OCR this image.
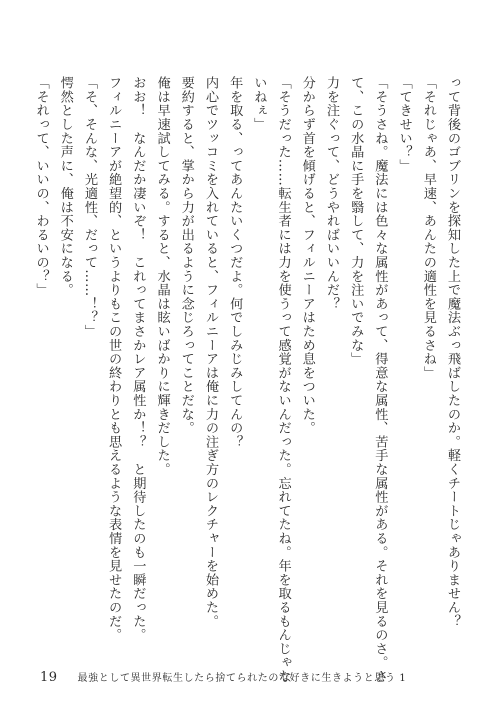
って背後のゴブリンを探知した上で魔法ぶっ飛ばしたのか。軽くチートじゃありません？
「それじゃあ、早速、あんたの適性を見るさね」
「てきせい？」
「そうさね。魔法には色々な属性があって、得意な属性、苦手な属性がある。それを見るのさ。さ
て、この水晶に手を翳して、力を注いでみな」
力を注ぐって、どうやればいいんだ？
分からず首を傾げると、フィルニーアはため息をついた。
「そうだった……転生者には力を使うって感覚がないんだった。忘れてたね。年を取るもんじゃな
いねぇ」
年を取る、ってあんたいくつだよ。何でしみじみしてんの？
内心でツッコミを入れていると、フィルニーアは俺に力の注ぎ方のレクチャーを始めた。
要約すると、掌から力が出るように念じろってことだな。
俺は早速試してみる。すると、水晶は眩いばかりに輝きだした。
おお！　なんだか凄いぞ！　これってまさかレア属性か！？　と期待したのも一瞬だった。
フィルニーアが絶望的、というよりもこの世の終わりとも思えるような表情を見せたのだ。
「そ、そんな、光適性、だって……！？」
愕然とした声に、俺は不安になる。
「それって、いいの、わるいの？」
19 最強として異世界転生したら捨てられたので好きに生きようと思う 1
